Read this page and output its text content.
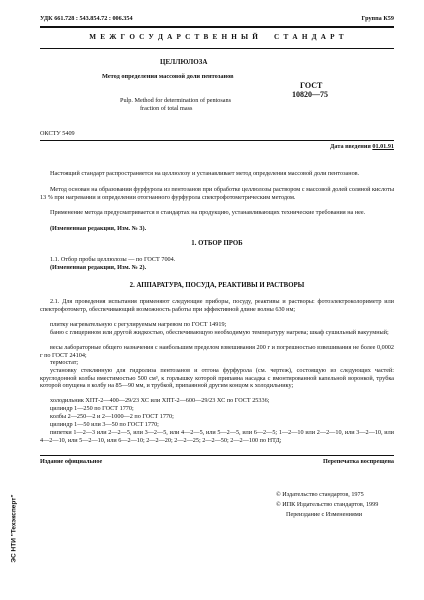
УДК 661.728 : 543.854.72 : 006.354	Группа К59
М Е Ж Г О С У Д А Р С Т В Е Н Н Ы Й     С Т А Н Д А Р Т
ЦЕЛЛЮЛОЗА
Метод определения массовой доли пентозанов
Pulp. Method for determination of pentosans
fraction of total mass
ГОСТ
10820—75
ОКСТУ 5409
Дата введения 01.01.91
Настоящий стандарт распространяется на целлюлозу и устанавливает метод определения массовой доли пентозанов.
Метод основан на образовании фурфурола из пентозанов при обработке целлюлозы раствором с массовой долей соляной кислоты 13 % при нагревании и определении отогнанного фурфурола спектрофотометрическим методом.
Применение метода предусматривается в стандартах на продукцию, устанавливающих технические требования на нее.
(Измененная редакция, Изм. № 3).
1. ОТБОР ПРОБ
1.1. Отбор пробы целлюлозы — по ГОСТ 7004.
(Измененная редакция, Изм. № 2).
2. АППАРАТУРА, ПОСУДА, РЕАКТИВЫ И РАСТВОРЫ
2.1. Для проведения испытания применяют следующие приборы, посуду, реактивы и растворы: фотоэлектроколориметр или спектрофотометр, обеспечивающий возможность работы при эффективной длине волны 630 нм;
плитку нагревательную с регулируемым нагревом по ГОСТ 14919;
баню с глицерином или другой жидкостью, обеспечивающую необходимую температуру нагрева; шкаф сушильный вакуумный;
весы лабораторные общего назначения с наибольшим пределом взвешивания 200 г и погрешностью взвешивания не более 0,0002 г по ГОСТ 24104;
термостат;
установку стеклянную для гидролиза пентозанов и отгона фурфурола (см. чертеж), состоящую из следующих частей: круглодонной колбы вместимостью 500 см³, к горлышку которой припаяна насадка с вмонтированной капельной воронкой, трубка которой опущена в колбу на 85—90 мм, и трубкой, припаянной другим концом к холодильнику;
холодильник ХПТ-2—400—29/23 ХС или ХПТ-2—600—29/23 ХС по ГОСТ 25336;
цилиндр 1—250 по ГОСТ 1770;
колбы 2—250—2 и 2—1000—2 по ГОСТ 1770;
цилиндр 1—50 или 3—50 по ГОСТ 1770;
пипетки 1—2—3 или 2—2—5, или 3—2—5, или 4—2—5, или 5—2—5, или 6—2—5; 1—2—10 или 2—2—10, или 3—2—10, или 4—2—10, или 5—2—10, или 6—2—10; 2—2—20; 2—2—25; 2—2—50; 2—2—100 по НТД;
Издание официальное	Перепечатка воспрещена
© Издательство стандартов, 1975
© ИПК Издательство стандартов, 1999
Переиздание с Изменениями
ЭС НТИ "Техэксперт"
